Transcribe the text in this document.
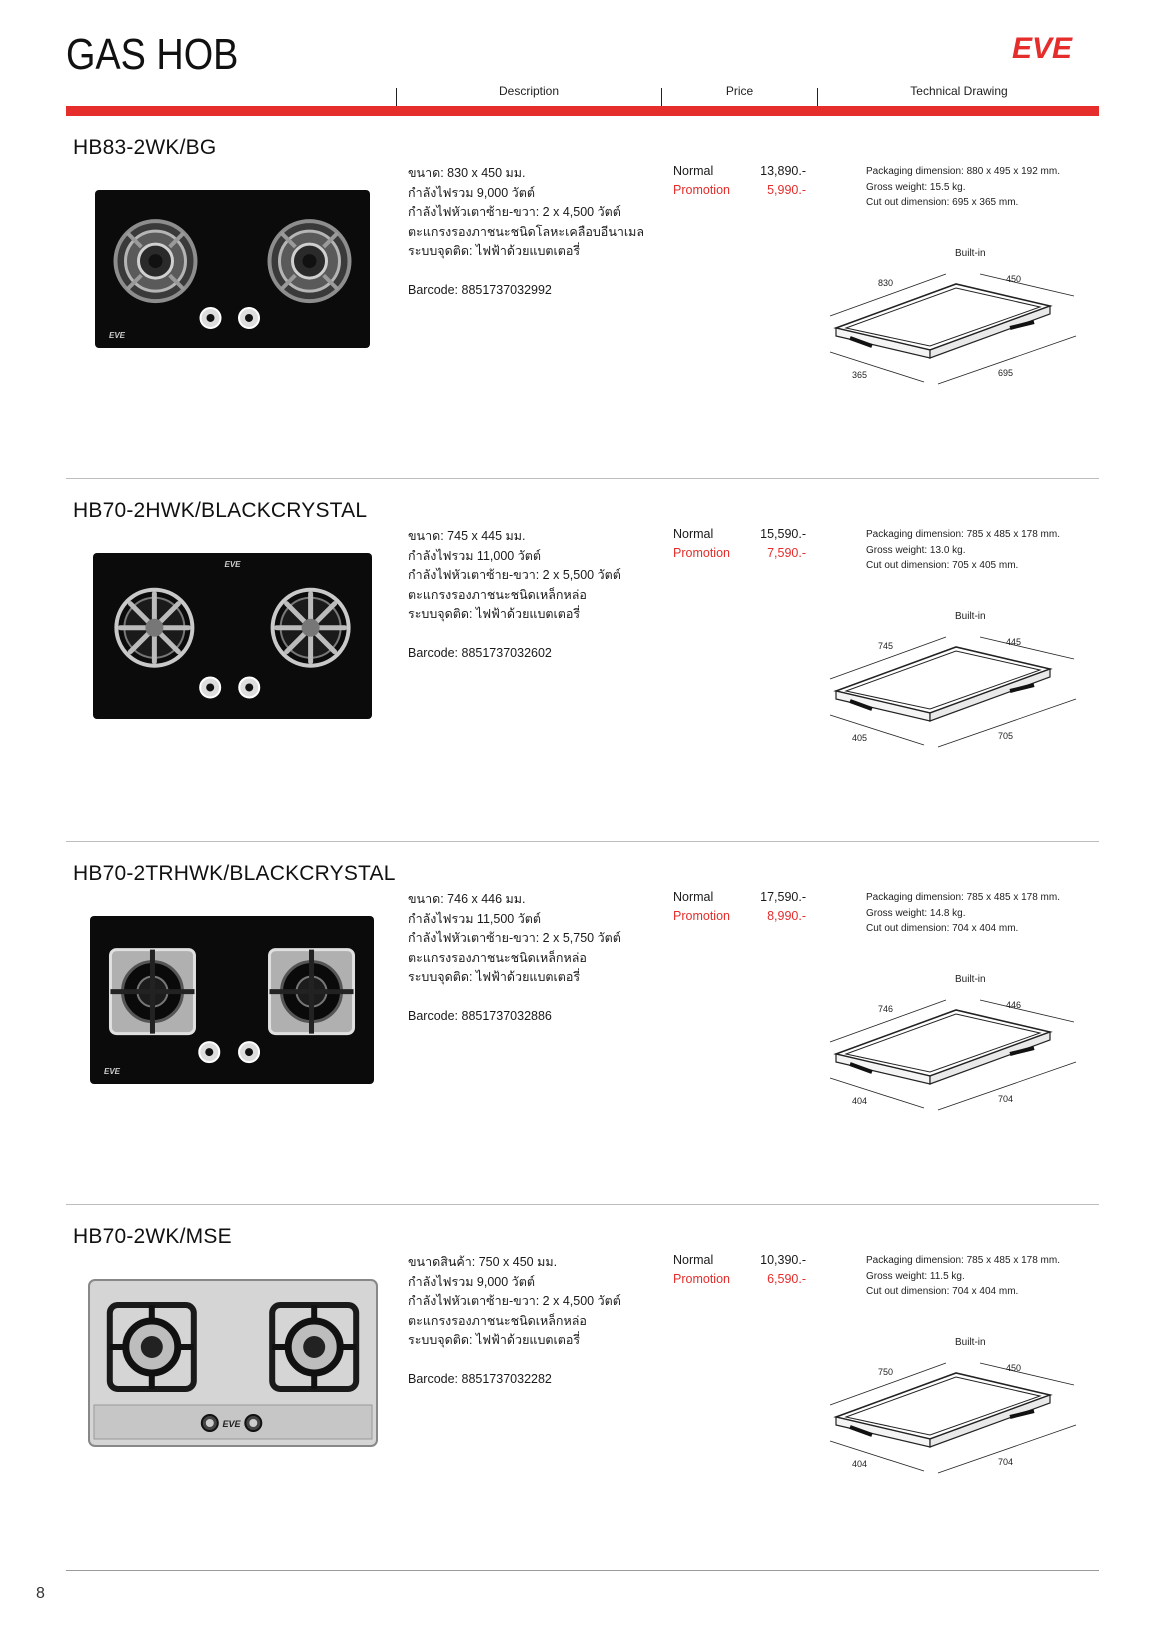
GAS HOB	EVE
Description	Price	Technical Drawing
HB83-2WK/BG
EVE
ขนาด: 830 x 450 มม.
กำลังไฟรวม 9,000 วัตต์
กำลังไฟหัวเตาซ้าย-ขวา: 2 x 4,500 วัตต์
ตะแกรงรองภาชนะชนิดโลหะเคลือบอีนาเมล
ระบบจุดติด: ไฟฟ้าด้วยแบตเตอรี่
Barcode: 8851737032992
Normal	13,890.-
Promotion	5,990.-
Packaging dimension: 880 x 495 x 192 mm.
Gross weight: 15.5 kg.
Cut out dimension: 695 x 365 mm.
Built-in
830	450
365	695
HB70-2HWK/BLACKCRYSTAL
EVE
ขนาด: 745 x 445 มม.
กำลังไฟรวม 11,000 วัตต์
กำลังไฟหัวเตาซ้าย-ขวา: 2 x 5,500 วัตต์
ตะแกรงรองภาชนะชนิดเหล็กหล่อ
ระบบจุดติด: ไฟฟ้าด้วยแบตเตอรี่
Barcode: 8851737032602
Normal	15,590.-
Promotion	7,590.-
Packaging dimension: 785 x 485 x 178 mm.
Gross weight: 13.0 kg.
Cut out dimension: 705 x 405 mm.
Built-in
745	445
405	705
HB70-2TRHWK/BLACKCRYSTAL
EVE
ขนาด: 746 x 446 มม.
กำลังไฟรวม 11,500 วัตต์
กำลังไฟหัวเตาซ้าย-ขวา: 2 x 5,750 วัตต์
ตะแกรงรองภาชนะชนิดเหล็กหล่อ
ระบบจุดติด: ไฟฟ้าด้วยแบตเตอรี่
Barcode: 8851737032886
Normal	17,590.-
Promotion	8,990.-
Packaging dimension: 785 x 485 x 178 mm.
Gross weight: 14.8 kg.
Cut out dimension: 704 x 404 mm.
Built-in
746	446
404	704
HB70-2WK/MSE
EVE
ขนาดสินค้า: 750 x 450 มม.
กำลังไฟรวม 9,000 วัตต์
กำลังไฟหัวเตาซ้าย-ขวา: 2 x 4,500 วัตต์
ตะแกรงรองภาชนะชนิดเหล็กหล่อ
ระบบจุดติด: ไฟฟ้าด้วยแบตเตอรี่
Barcode: 8851737032282
Normal	10,390.-
Promotion	6,590.-
Packaging dimension: 785 x 485 x 178 mm.
Gross weight: 11.5 kg.
Cut out dimension: 704 x 404 mm.
Built-in
750	450
404	704
8
